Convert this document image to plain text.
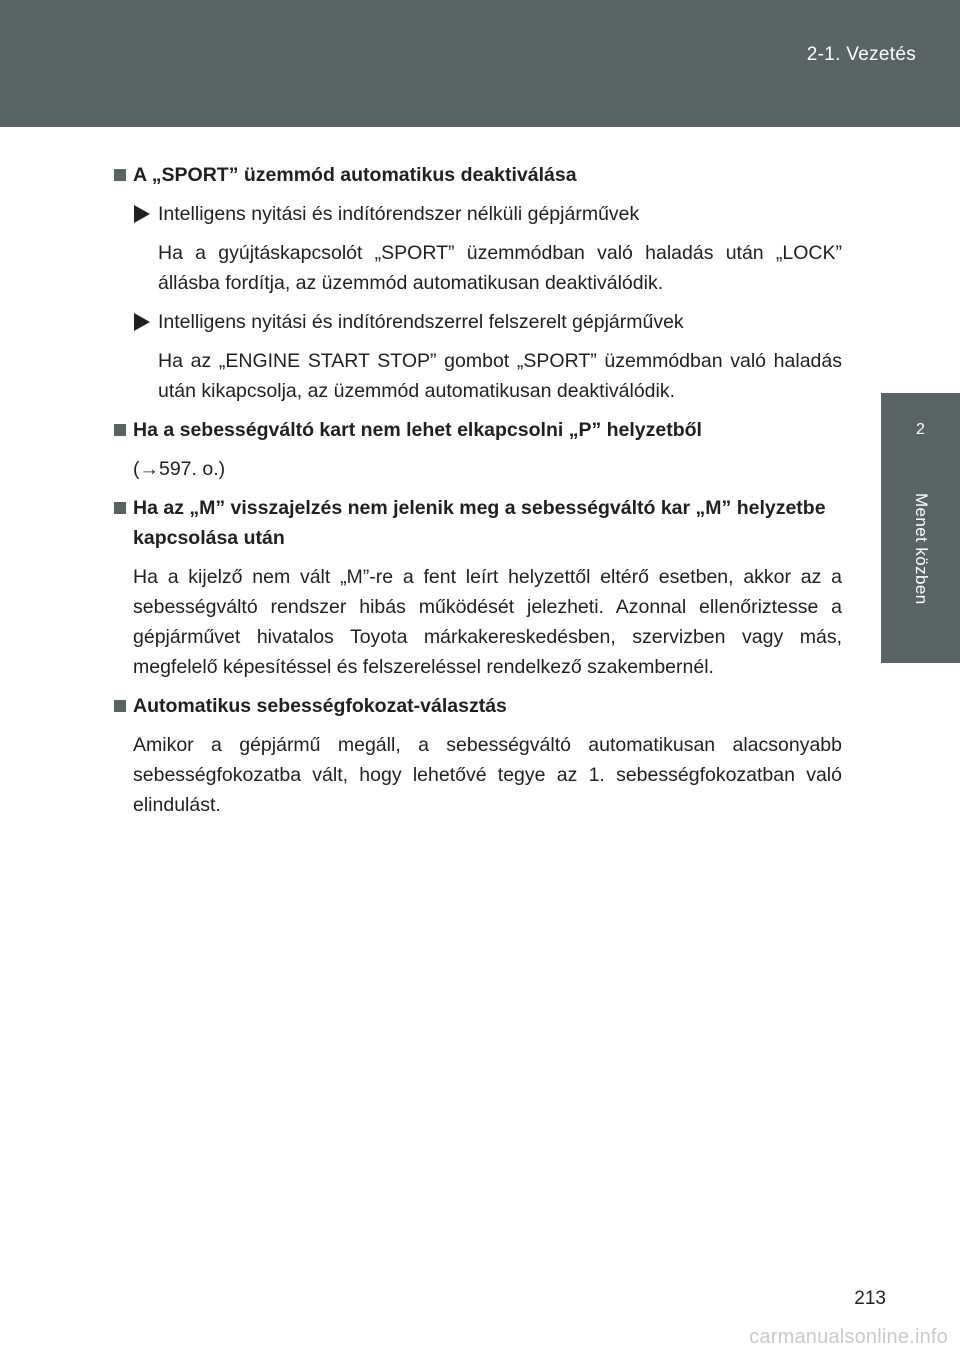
2-1. Vezetés
2
Menet közben
A „SPORT” üzemmód automatikus deaktiválása
Intelligens nyitási és indítórendszer nélküli gépjárművek
Ha a gyújtáskapcsolót „SPORT” üzemmódban való haladás után „LOCK” állásba fordítja, az üzemmód automatikusan deaktiválódik.
Intelligens nyitási és indítórendszerrel felszerelt gépjárművek
Ha az „ENGINE START STOP” gombot „SPORT” üzemmódban való haladás után kikapcsolja, az üzemmód automatikusan deaktiválódik.
Ha a sebességváltó kart nem lehet elkapcsolni „P” helyzetből
(→597. o.)
Ha az „M” visszajelzés nem jelenik meg a sebességváltó kar „M” helyzetbe kapcsolása után
Ha a kijelző nem vált „M”-re a fent leírt helyzettől eltérő esetben, akkor az a sebességváltó rendszer hibás működését jelezheti. Azonnal ellenőriztesse a gépjárművet hivatalos Toyota márkakereskedésben, szervizben vagy más, megfelelő képesítéssel és felszereléssel rendelkező szakembernél.
Automatikus sebességfokozat-választás
Amikor a gépjármű megáll, a sebességváltó automatikusan alacsonyabb sebességfokozatba vált, hogy lehetővé tegye az 1. sebességfokozatban való elindulást.
213
carmanualsonline.info
